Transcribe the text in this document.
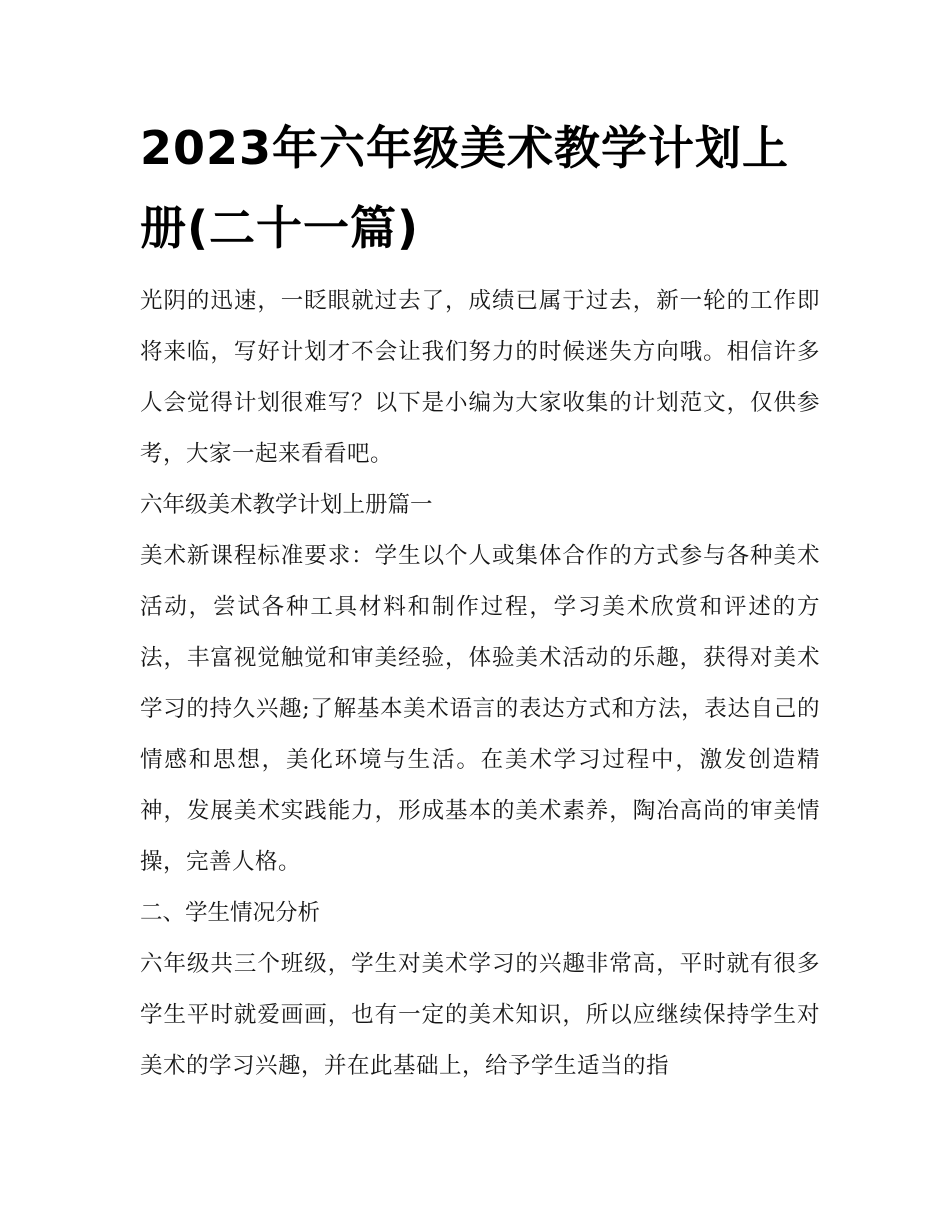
2023年六年级美术教学计划上册(二十一篇)

光阴的迅速，一眨眼就过去了，成绩已属于过去，新一轮的工作即将来临，写好计划才不会让我们努力的时候迷失方向哦。相信许多人会觉得计划很难写？以下是小编为大家收集的计划范文，仅供参考，大家一起来看看吧。

六年级美术教学计划上册篇一

美术新课程标准要求：学生以个人或集体合作的方式参与各种美术活动，尝试各种工具材料和制作过程，学习美术欣赏和评述的方法，丰富视觉触觉和审美经验，体验美术活动的乐趣，获得对美术学习的持久兴趣;了解基本美术语言的表达方式和方法，表达自己的情感和思想，美化环境与生活。在美术学习过程中，激发创造精神，发展美术实践能力，形成基本的美术素养，陶冶高尚的审美情操，完善人格。

二、学生情况分析

六年级共三个班级，学生对美术学习的兴趣非常高，平时就有很多学生平时就爱画画，也有一定的美术知识，所以应继续保持学生对美术的学习兴趣，并在此基础上，给予学生适当的指
